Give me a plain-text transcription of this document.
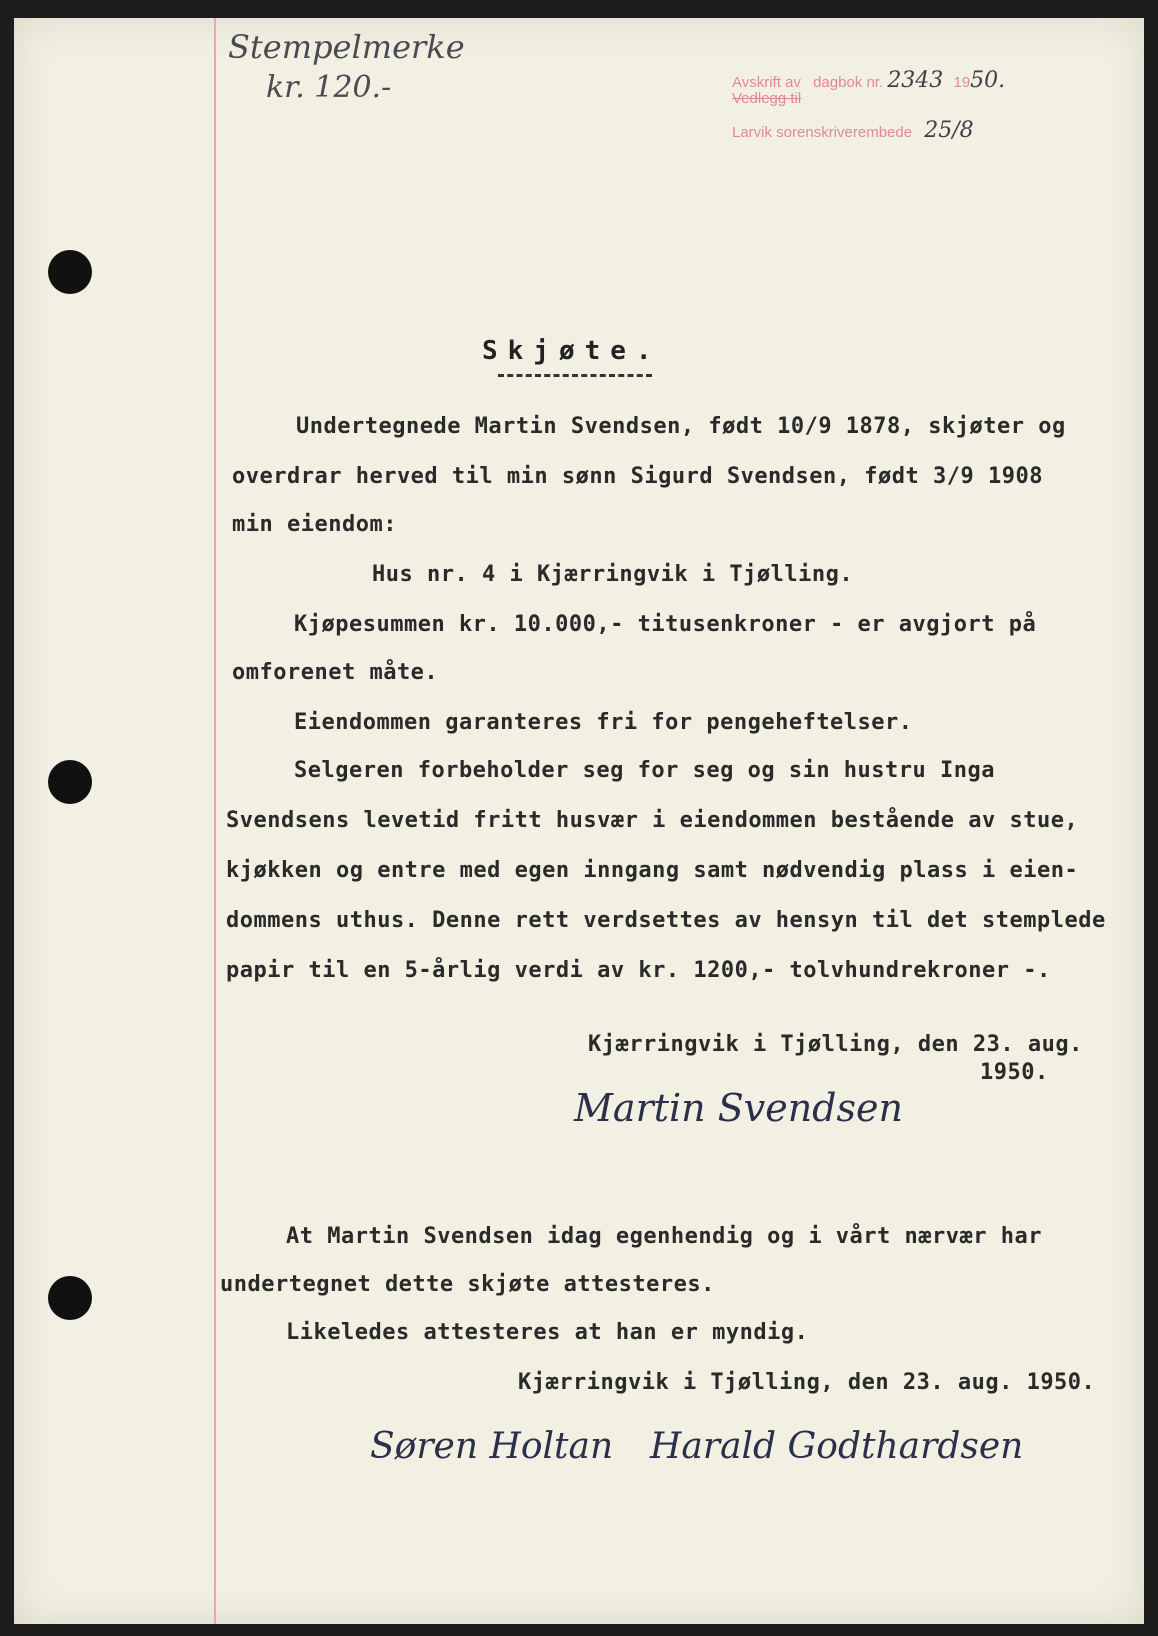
Stempelmerke
kr. 120.-	Avskrift av dagbok nr. 2343 1950.
Vedlegg til
Larvik sorenskriverembede 25/8
Skjøte.
Undertegnede Martin Svendsen, født 10/9 1878, skjøter og
overdrar herved til min sønn Sigurd Svendsen, født 3/9 1908
min eiendom:
Hus nr. 4 i Kjærringvik i Tjølling.
Kjøpesummen kr. 10.000,- titusenkroner - er avgjort på
omforenet måte.
Eiendommen garanteres fri for pengeheftelser.
Selgeren forbeholder seg for seg og sin hustru Inga
Svendsens levetid fritt husvær i eiendommen bestående av stue,
kjøkken og entre med egen inngang samt nødvendig plass i eien-
dommens uthus. Denne rett verdsettes av hensyn til det stemplede
papir til en 5-årlig verdi av kr. 1200,- tolvhundrekroner -.
Kjærringvik i Tjølling, den 23. aug.
1950.
Martin Svendsen
At Martin Svendsen idag egenhendig og i vårt nærvær har
undertegnet dette skjøte attesteres.
Likeledes attesteres at han er myndig.
Kjærringvik i Tjølling, den 23. aug. 1950.
Søren Holtan Harald Godthardsen
